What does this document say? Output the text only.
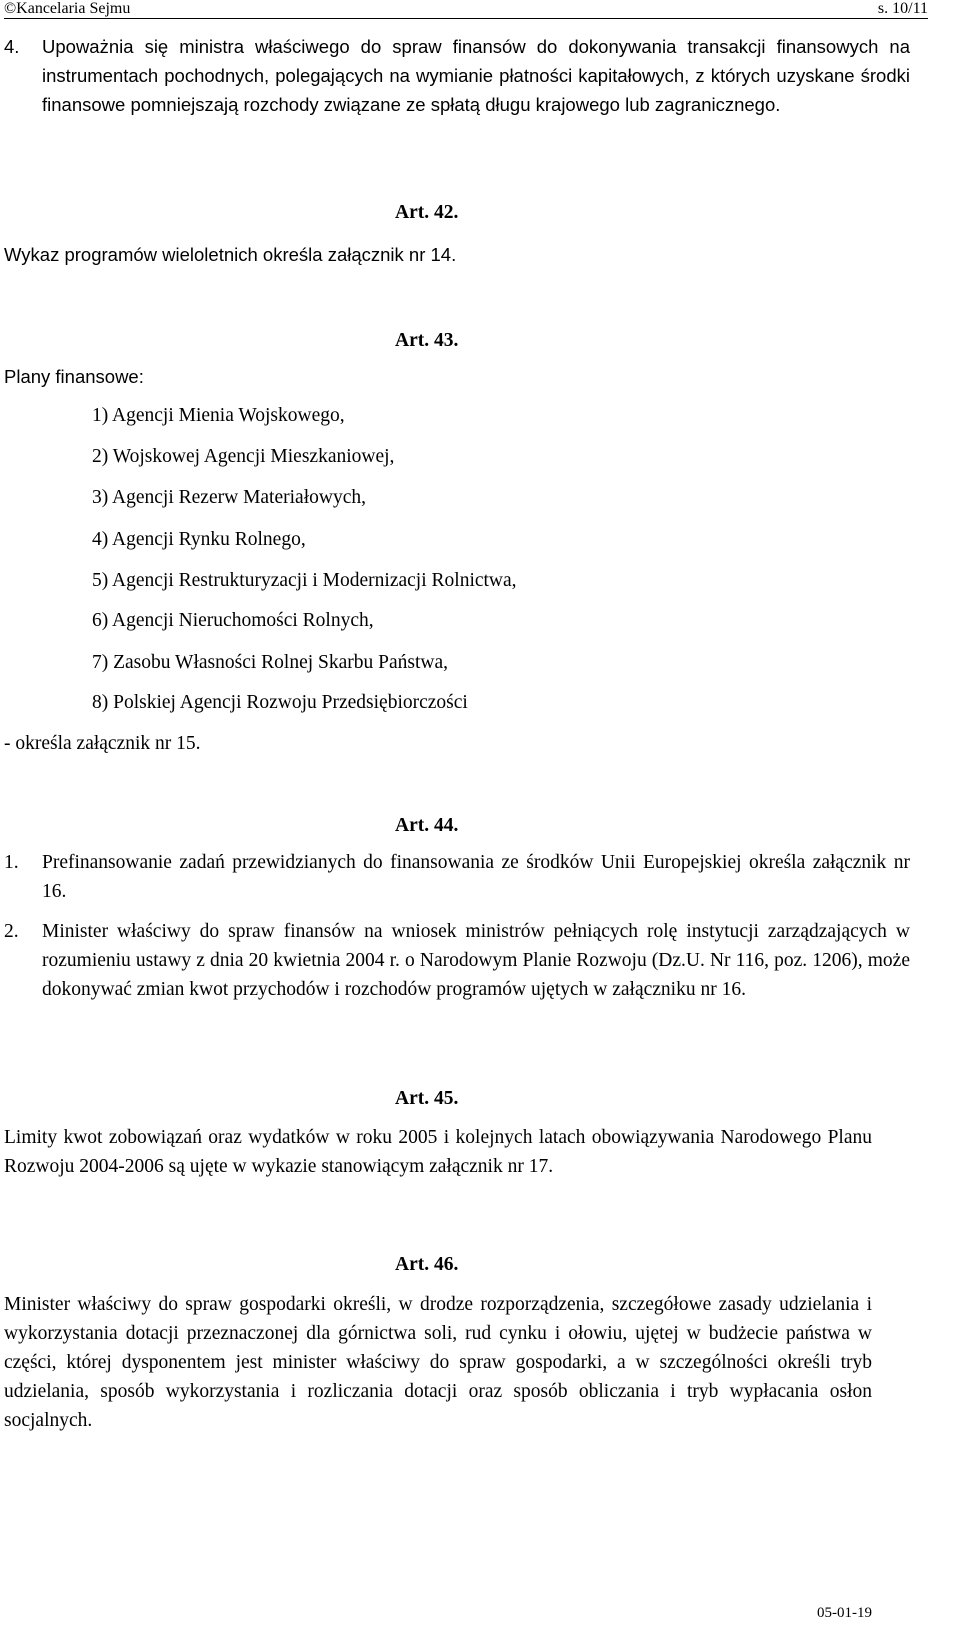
©Kancelaria Sejmu	s. 10/11
4. Upoważnia się ministra właściwego do spraw finansów do dokonywania transakcji finansowych na instrumentach pochodnych, polegających na wymianie płatności kapitałowych, z których uzyskane środki finansowe pomniejszają rozchody związane ze spłatą długu krajowego lub zagranicznego.
Art. 42.
Wykaz programów wieloletnich określa załącznik nr 14.
Art. 43.
Plany finansowe:
1) Agencji Mienia Wojskowego,
2) Wojskowej Agencji Mieszkaniowej,
3) Agencji Rezerw Materiałowych,
4) Agencji Rynku Rolnego,
5) Agencji Restrukturyzacji i Modernizacji Rolnictwa,
6) Agencji Nieruchomości Rolnych,
7) Zasobu Własności Rolnej Skarbu Państwa,
8) Polskiej Agencji Rozwoju Przedsiębiorczości
- określa załącznik nr 15.
Art. 44.
1. Prefinansowanie zadań przewidzianych do finansowania ze środków Unii Europejskiej określa załącznik nr 16.
2. Minister właściwy do spraw finansów na wniosek ministrów pełniących rolę instytucji zarządzających w rozumieniu ustawy z dnia 20 kwietnia 2004 r. o Narodowym Planie Rozwoju (Dz.U. Nr 116, poz. 1206), może dokonywać zmian kwot przychodów i rozchodów programów ujętych w załączniku nr 16.
Art. 45.
Limity kwot zobowiązań oraz wydatków w roku 2005 i kolejnych latach obowiązywania Narodowego Planu Rozwoju 2004-2006 są ujęte w wykazie stanowiącym załącznik nr 17.
Art. 46.
Minister właściwy do spraw gospodarki określi, w drodze rozporządzenia, szczegółowe zasady udzielania i wykorzystania dotacji przeznaczonej dla górnictwa soli, rud cynku i ołowiu, ujętej w budżecie państwa w części, której dysponentem jest minister właściwy do spraw gospodarki, a w szczególności określi tryb udzielania, sposób wykorzystania i rozliczania dotacji oraz sposób obliczania i tryb wypłacania osłon socjalnych.
05-01-19
